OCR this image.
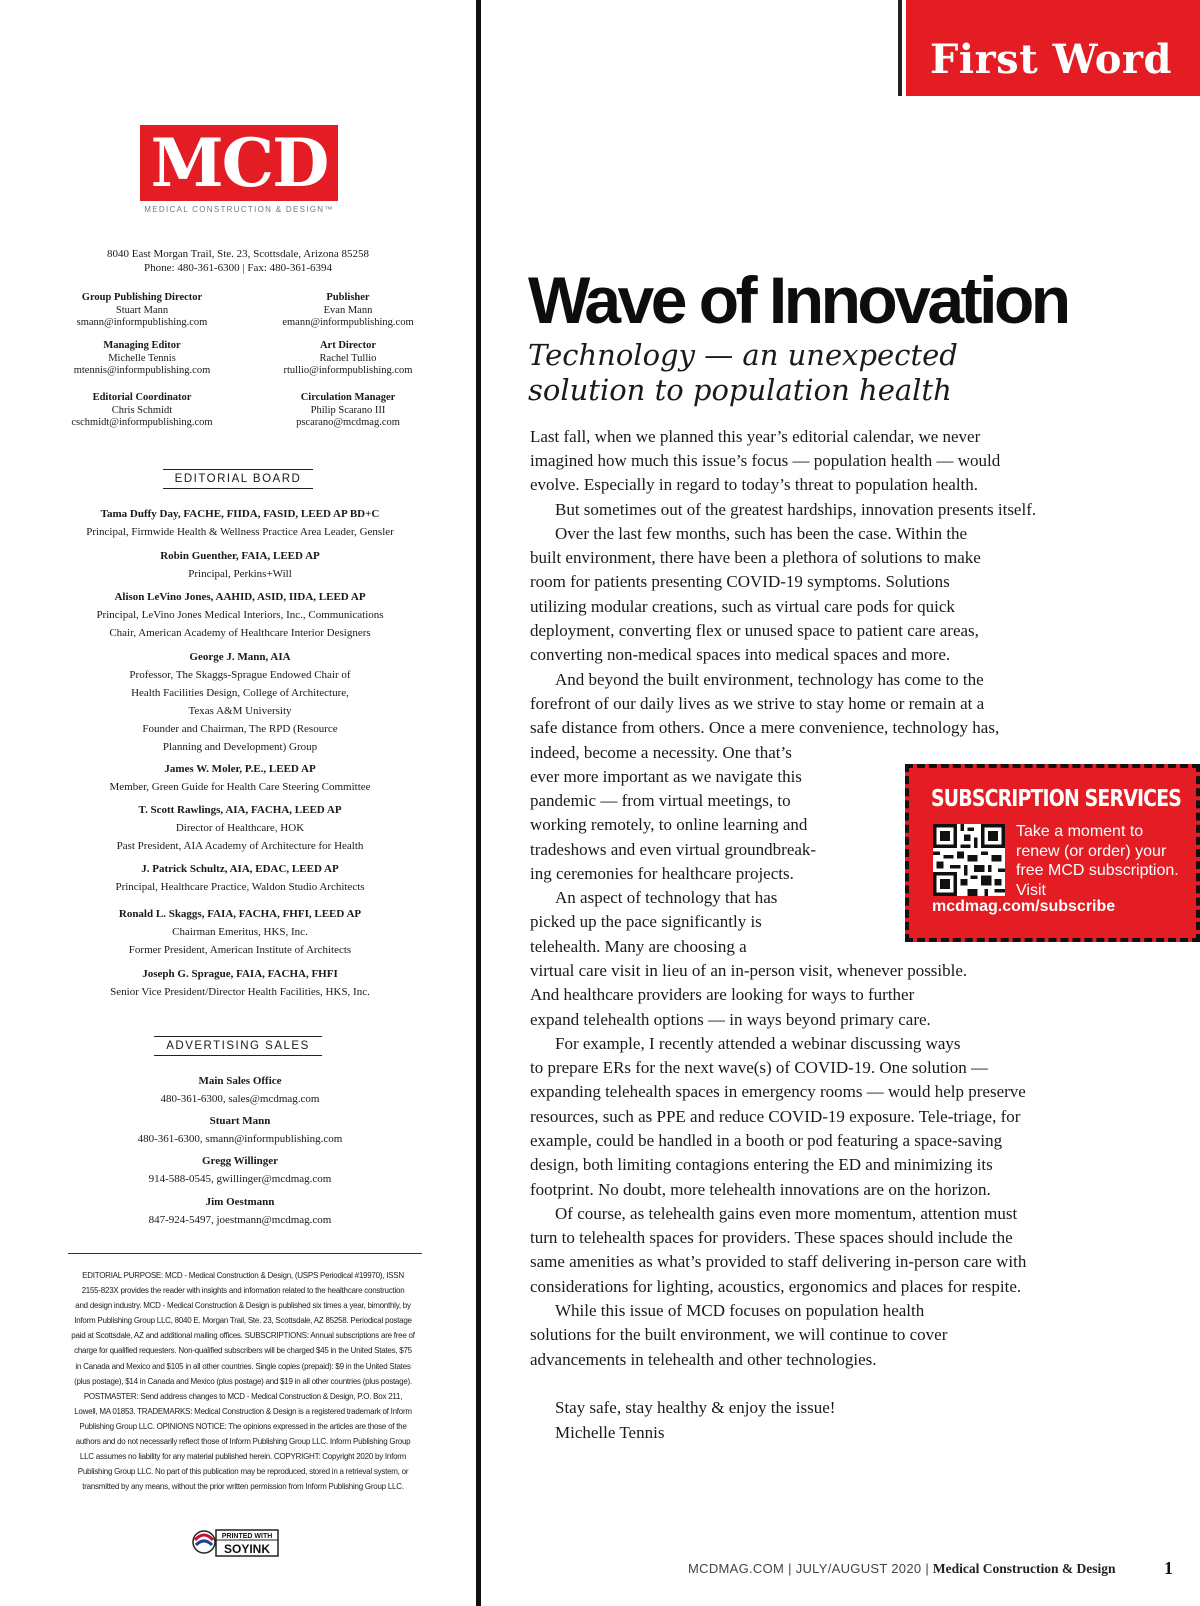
MCD
MEDICAL CONSTRUCTION & DESIGN™
8040 East Morgan Trail, Ste. 23, Scottsdale, Arizona 85258
Phone: 480-361-6300 | Fax: 480-361-6394
Group Publishing Director
Stuart Mann
smann@informpublishing.com
Publisher
Evan Mann
emann@informpublishing.com
Managing Editor
Michelle Tennis
mtennis@informpublishing.com
Art Director
Rachel Tullio
rtullio@informpublishing.com
Editorial Coordinator
Chris Schmidt
cschmidt@informpublishing.com
Circulation Manager
Philip Scarano III
pscarano@mcdmag.com
EDITORIAL BOARD
Tama Duffy Day, FACHE, FIIDA, FASID, LEED AP BD+C
Principal, Firmwide Health & Wellness Practice Area Leader, Gensler
Robin Guenther, FAIA, LEED AP
Principal, Perkins+Will
Alison LeVino Jones, AAHID, ASID, IIDA, LEED AP
Principal, LeVino Jones Medical Interiors, Inc., Communications
Chair, American Academy of Healthcare Interior Designers
George J. Mann, AIA
Professor, The Skaggs-Sprague Endowed Chair of
Health Facilities Design, College of Architecture,
Texas A&M University
Founder and Chairman, The RPD (Resource
Planning and Development) Group
James W. Moler, P.E., LEED AP
Member, Green Guide for Health Care Steering Committee
T. Scott Rawlings, AIA, FACHA, LEED AP
Director of Healthcare, HOK
Past President, AIA Academy of Architecture for Health
J. Patrick Schultz, AIA, EDAC, LEED AP
Principal, Healthcare Practice, Waldon Studio Architects
Ronald L. Skaggs, FAIA, FACHA, FHFI, LEED AP
Chairman Emeritus, HKS, Inc.
Former President, American Institute of Architects
Joseph G. Sprague, FAIA, FACHA, FHFI
Senior Vice President/Director Health Facilities, HKS, Inc.
ADVERTISING SALES
Main Sales Office
480-361-6300, sales@mcdmag.com
Stuart Mann
480-361-6300, smann@informpublishing.com
Gregg Willinger
914-588-0545, gwillinger@mcdmag.com
Jim Oestmann
847-924-5497, joestmann@mcdmag.com
EDITORIAL PURPOSE: MCD - Medical Construction & Design, (USPS Periodical #19970), ISSN
2155-823X provides the reader with insights and information related to the healthcare construction
and design industry. MCD - Medical Construction & Design is published six times a year, bimonthly, by
Inform Publishing Group LLC, 8040 E. Morgan Trail, Ste. 23, Scottsdale, AZ 85258. Periodical postage
paid at Scottsdale, AZ and additional mailing offices. SUBSCRIPTIONS: Annual subscriptions are free of
charge for qualified requesters. Non-qualified subscribers will be charged $45 in the United States, $75
in Canada and Mexico and $105 in all other countries. Single copies (prepaid): $9 in the United States
(plus postage), $14 in Canada and Mexico (plus postage) and $19 in all other countries (plus postage).
POSTMASTER: Send address changes to MCD - Medical Construction & Design, P.O. Box 211,
Lowell, MA 01853. TRADEMARKS: Medical Construction & Design is a registered trademark of Inform
Publishing Group LLC. OPINIONS NOTICE: The opinions expressed in the articles are those of the
authors and do not necessarily reflect those of Inform Publishing Group LLC. Inform Publishing Group
LLC assumes no liability for any material published herein. COPYRIGHT: Copyright 2020 by Inform
Publishing Group LLC. No part of this publication may be reproduced, stored in a retrieval system, or
transmitted by any means, without the prior written permission from Inform Publishing Group LLC.
PRINTED WITH
SOYINK
First Word
Wave of Innovation
Technology — an unexpected
solution to population health
Last fall, when we planned this year’s editorial calendar, we never
imagined how much this issue’s focus — population health — would
evolve. Especially in regard to today’s threat to population health.
But sometimes out of the greatest hardships, innovation presents itself.
Over the last few months, such has been the case. Within the
built environment, there have been a plethora of solutions to make
room for patients presenting COVID-19 symptoms. Solutions
utilizing modular creations, such as virtual care pods for quick
deployment, converting flex or unused space to patient care areas,
converting non-medical spaces into medical spaces and more.
And beyond the built environment, technology has come to the
forefront of our daily lives as we strive to stay home or remain at a
safe distance from others. Once a mere convenience, technology has,
indeed, become a necessity. One that’s
ever more important as we navigate this
pandemic — from virtual meetings, to
working remotely, to online learning and
tradeshows and even virtual groundbreak-
ing ceremonies for healthcare projects.
An aspect of technology that has
picked up the pace significantly is
telehealth. Many are choosing a
virtual care visit in lieu of an in-person visit, whenever possible.
And healthcare providers are looking for ways to further
expand telehealth options — in ways beyond primary care.
For example, I recently attended a webinar discussing ways
to prepare ERs for the next wave(s) of COVID-19. One solution —
expanding telehealth spaces in emergency rooms — would help preserve
resources, such as PPE and reduce COVID-19 exposure. Tele-triage, for
example, could be handled in a booth or pod featuring a space-saving
design, both limiting contagions entering the ED and minimizing its
footprint. No doubt, more telehealth innovations are on the horizon.
Of course, as telehealth gains even more momentum, attention must
turn to telehealth spaces for providers. These spaces should include the
same amenities as what’s provided to staff delivering in-person care with
considerations for lighting, acoustics, ergonomics and places for respite.
While this issue of MCD focuses on population health
solutions for the built environment, we will continue to cover
advancements in telehealth and other technologies.
Stay safe, stay healthy & enjoy the issue!
Michelle Tennis
SUBSCRIPTION SERVICES
Take a moment to renew (or order) your free MCD subscription. Visit
mcdmag.com/subscribe
MCDMAG.COM | JULY/AUGUST 2020 | Medical Construction & Design	1
